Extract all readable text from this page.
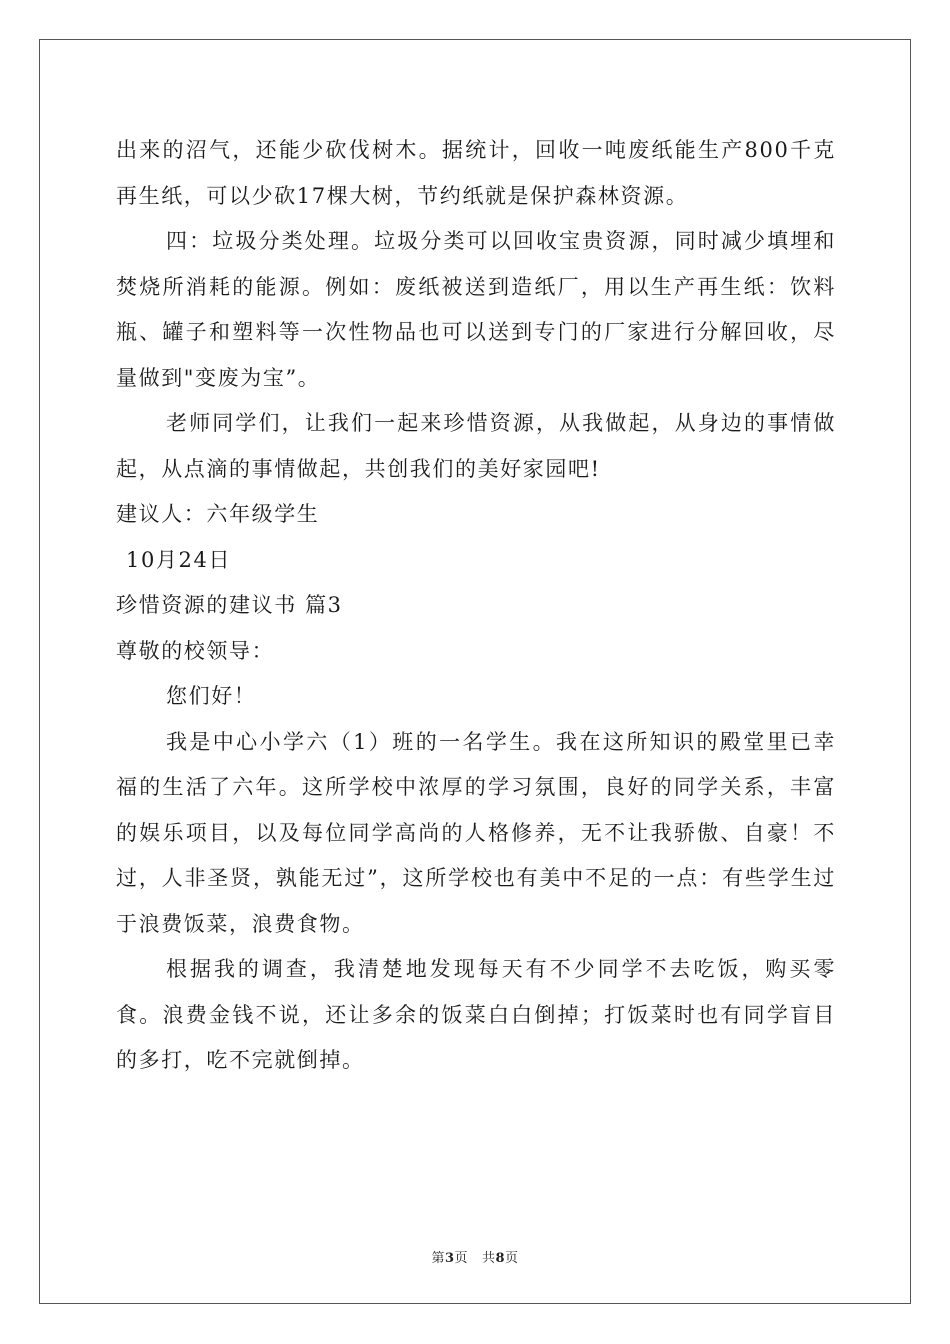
出来的沼气，还能少砍伐树木。据统计，回收一吨废纸能生产800千克再生纸，可以少砍17棵大树，节约纸就是保护森林资源。

四：垃圾分类处理。垃圾分类可以回收宝贵资源，同时减少填埋和焚烧所消耗的能源。例如：废纸被送到造纸厂，用以生产再生纸：饮料瓶、罐子和塑料等一次性物品也可以送到专门的厂家进行分解回收，尽量做到"变废为宝”。

老师同学们，让我们一起来珍惜资源，从我做起，从身边的事情做起，从点滴的事情做起，共创我们的美好家园吧!

建议人：六年级学生

10月24日

珍惜资源的建议书 篇3

尊敬的校领导：

您们好！

我是中心小学六（1）班的一名学生。我在这所知识的殿堂里已幸福的生活了六年。这所学校中浓厚的学习氛围，良好的同学关系，丰富的娱乐项目，以及每位同学高尚的人格修养，无不让我骄傲、自豪！不过，人非圣贤，孰能无过”，这所学校也有美中不足的一点：有些学生过于浪费饭菜，浪费食物。

根据我的调查，我清楚地发现每天有不少同学不去吃饭，购买零食。浪费金钱不说，还让多余的饭菜白白倒掉；打饭菜时也有同学盲目的多打，吃不完就倒掉。

第3页 共8页
